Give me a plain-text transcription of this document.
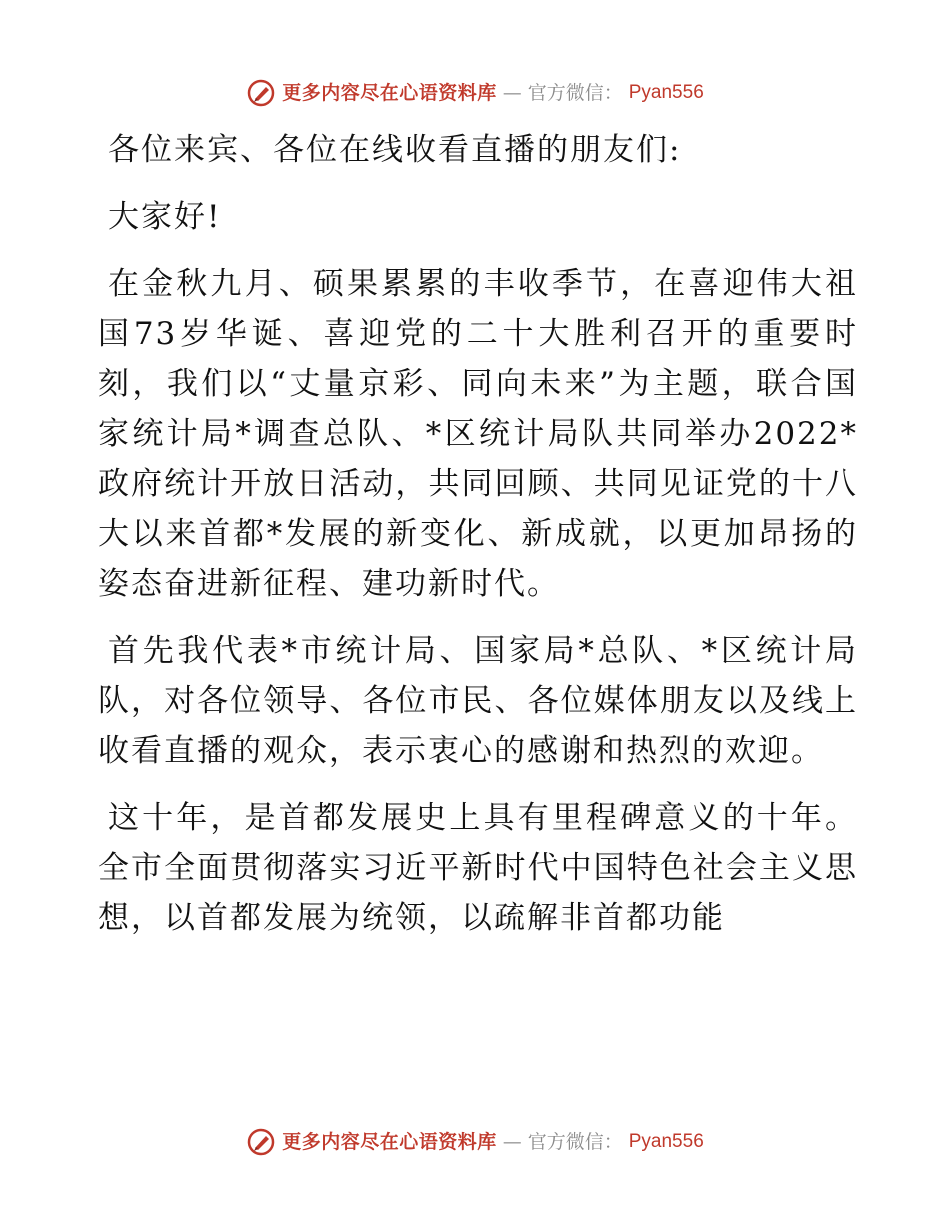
更多内容尽在心语资料库 — 官方微信： Pyan556

各位来宾、各位在线收看直播的朋友们:

大家好!

在金秋九月、硕果累累的丰收季节，在喜迎伟大祖国73岁华诞、喜迎党的二十大胜利召开的重要时刻，我们以“丈量京彩、同向未来”为主题，联合国家统计局*调查总队、*区统计局队共同举办2022*政府统计开放日活动，共同回顾、共同见证党的十八大以来首都*发展的新变化、新成就，以更加昂扬的姿态奋进新征程、建功新时代。

首先我代表*市统计局、国家局*总队、*区统计局队，对各位领导、各位市民、各位媒体朋友以及线上收看直播的观众，表示衷心的感谢和热烈的欢迎。

这十年，是首都发展史上具有里程碑意义的十年。全市全面贯彻落实习近平新时代中国特色社会主义思想，以首都发展为统领，以疏解非首都功能

更多内容尽在心语资料库 — 官方微信： Pyan556
